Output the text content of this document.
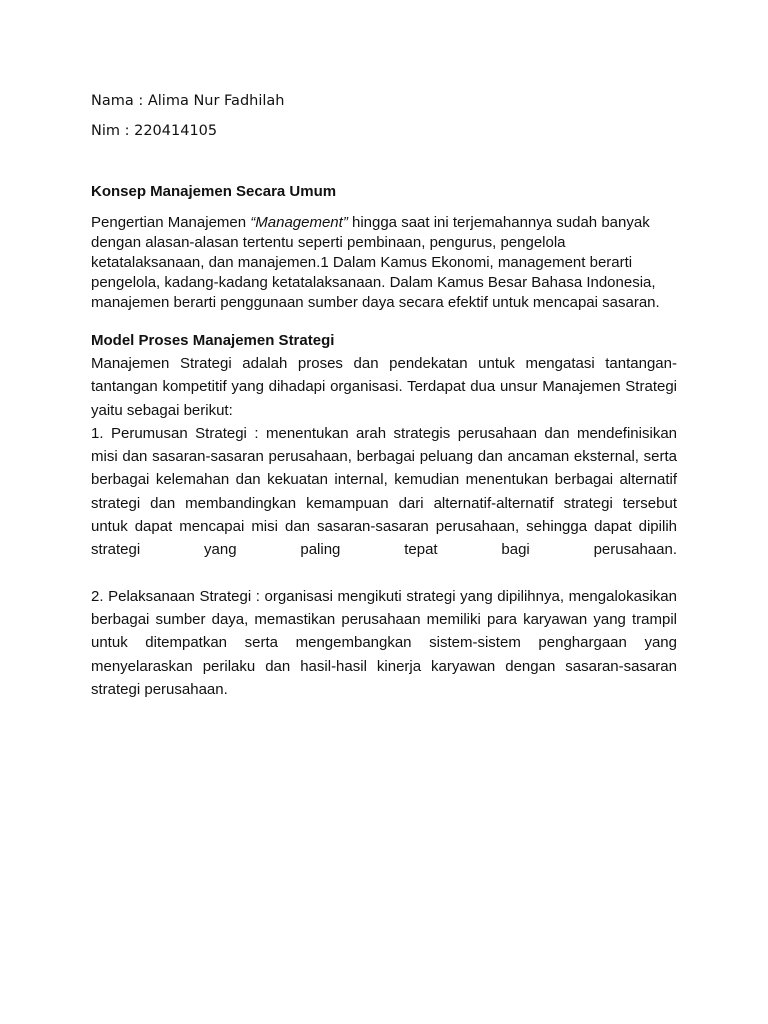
Nama : Alima Nur Fadhilah
Nim : 220414105
Konsep Manajemen Secara Umum
Pengertian Manajemen “Management” hingga saat ini terjemahannya sudah banyak
dengan alasan-alasan tertentu seperti pembinaan, pengurus, pengelola
ketatalaksanaan, dan manajemen.1 Dalam Kamus Ekonomi, management berarti
pengelola, kadang-kadang ketatalaksanaan. Dalam Kamus Besar Bahasa Indonesia,
manajemen berarti penggunaan sumber daya secara efektif untuk mencapai sasaran.
Model Proses Manajemen Strategi

Manajemen Strategi adalah proses dan pendekatan untuk mengatasi tantangan-tantangan kompetitif yang dihadapi organisasi. Terdapat dua unsur Manajemen Strategi yaitu sebagai berikut:

1. Perumusan Strategi : menentukan arah strategis perusahaan dan mendefinisikan misi dan sasaran-sasaran perusahaan, berbagai peluang dan ancaman eksternal, serta berbagai kelemahan dan kekuatan internal, kemudian menentukan berbagai alternatif strategi dan membandingkan kemampuan dari alternatif-alternatif strategi tersebut untuk dapat mencapai misi dan sasaran-sasaran perusahaan, sehingga dapat dipilih strategi yang paling tepat bagi perusahaan.

2. Pelaksanaan Strategi : organisasi mengikuti strategi yang dipilihnya, mengalokasikan berbagai sumber daya, memastikan perusahaan memiliki para karyawan yang trampil untuk ditempatkan serta mengembangkan sistem-sistem penghargaan yang menyelaraskan perilaku dan hasil-hasil kinerja karyawan dengan sasaran-sasaran strategi perusahaan.
